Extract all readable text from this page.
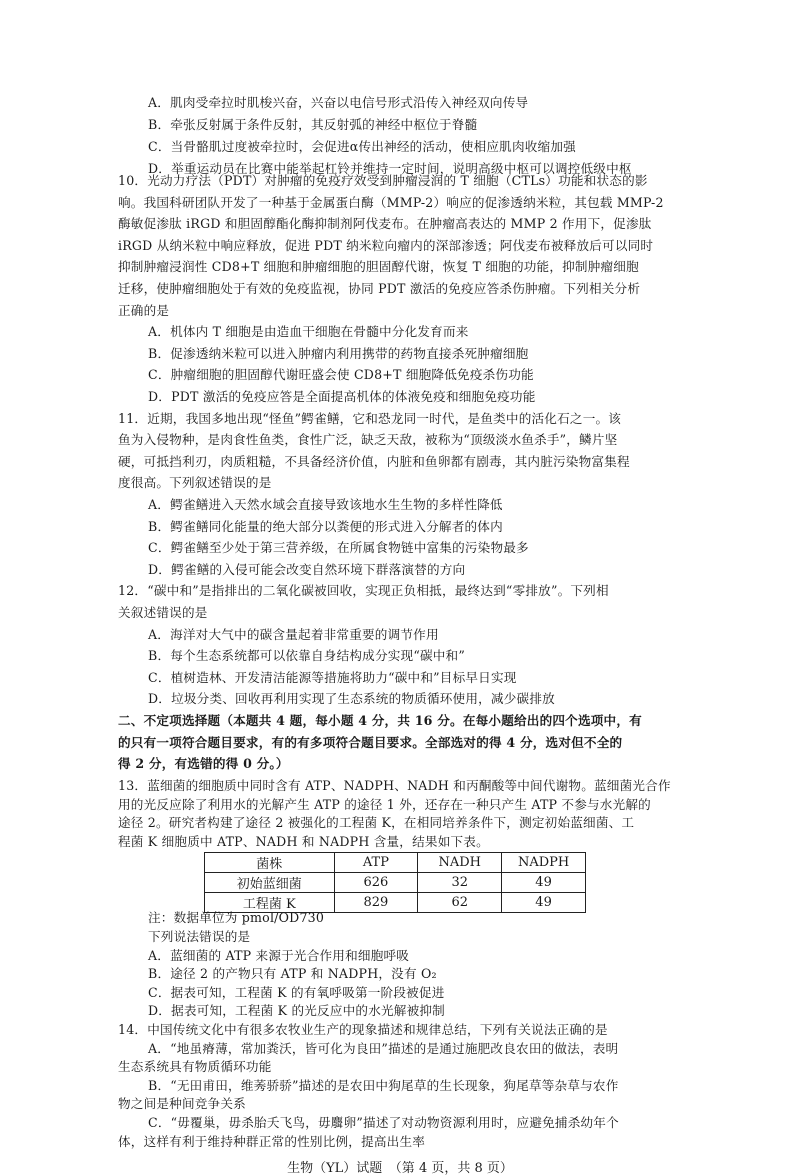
A．肌肉受牵拉时肌梭兴奋，兴奋以电信号形式沿传入神经双向传导
B．牵张反射属于条件反射，其反射弧的神经中枢位于脊髓
C．当骨骼肌过度被牵拉时，会促进α传出神经的活动，使相应肌肉收缩加强
D．举重运动员在比赛中能举起杠铃并维持一定时间，说明高级中枢可以调控低级中枢
10．光动力疗法（PDT）对肿瘤的免疫疗效受到肿瘤浸润的 T 细胞（CTLs）功能和状态的影
响。我国科研团队开发了一种基于金属蛋白酶（MMP-2）响应的促渗透纳米粒，其包载 MMP-2
酶敏促渗肽 iRGD 和胆固醇酯化酶抑制剂阿伐麦布。在肿瘤高表达的 MMP 2 作用下，促渗肽
iRGD 从纳米粒中响应释放，促进 PDT 纳米粒向瘤内的深部渗透；阿伐麦布被释放后可以同时
抑制肿瘤浸润性 CD8+T 细胞和肿瘤细胞的胆固醇代谢，恢复 T 细胞的功能，抑制肿瘤细胞
迁移，使肿瘤细胞处于有效的免疫监视，协同 PDT 激活的免疫应答杀伤肿瘤。下列相关分析
正确的是
A．机体内 T 细胞是由造血干细胞在骨髓中分化发育而来
B．促渗透纳米粒可以进入肿瘤内利用携带的药物直接杀死肿瘤细胞
C．肿瘤细胞的胆固醇代谢旺盛会使 CD8+T 细胞降低免疫杀伤功能
D．PDT 激活的免疫应答是全面提高机体的体液免疫和细胞免疫功能
11．近期，我国多地出现“怪鱼”鳄雀鳝，它和恐龙同一时代，是鱼类中的活化石之一。该
鱼为入侵物种，是肉食性鱼类，食性广泛，缺乏天敌，被称为“顶级淡水鱼杀手”，鳞片坚
硬，可抵挡利刃，肉质粗糙，不具备经济价值，内脏和鱼卵都有剧毒，其内脏污染物富集程
度很高。下列叙述错误的是
A．鳄雀鳝进入天然水域会直接导致该地水生生物的多样性降低
B．鳄雀鳝同化能量的绝大部分以粪便的形式进入分解者的体内
C．鳄雀鳝至少处于第三营养级，在所属食物链中富集的污染物最多
D．鳄雀鳝的入侵可能会改变自然环境下群落演替的方向
12．“碳中和”是指排出的二氧化碳被回收，实现正负相抵，最终达到“零排放”。下列相
关叙述错误的是
A．海洋对大气中的碳含量起着非常重要的调节作用
B．每个生态系统都可以依靠自身结构成分实现“碳中和”
C．植树造林、开发清洁能源等措施将助力“碳中和”目标早日实现
D．垃圾分类、回收再利用实现了生态系统的物质循环使用，减少碳排放
二、不定项选择题（本题共 4 题，每小题 4 分，共 16 分。在每小题给出的四个选项中，有
的只有一项符合题目要求，有的有多项符合题目要求。全部选对的得 4 分，选对但不全的
得 2 分，有选错的得 0 分。）
13．蓝细菌的细胞质中同时含有 ATP、NADPH、NADH 和丙酮酸等中间代谢物。蓝细菌光合作
用的光反应除了利用水的光解产生 ATP 的途径 1 外，还存在一种只产生 ATP 不参与水光解的
途径 2。研究者构建了途径 2 被强化的工程菌 K，在相同培养条件下，测定初始蓝细菌、工
程菌 K 细胞质中 ATP、NADH 和 NADPH 含量，结果如下表。
菌株	ATP	NADH	NADPH
初始蓝细菌	626	32	49
工程菌 K	829	62	49
注：数据单位为 pmol/OD730
下列说法错误的是
A．蓝细菌的 ATP 来源于光合作用和细胞呼吸
B．途径 2 的产物只有 ATP 和 NADPH，没有 O₂
C．据表可知，工程菌 K 的有氧呼吸第一阶段被促进
生物（YL）试题　（第 4 页，共 8 页）
D．据表可知，工程菌 K 的光反应中的水光解被抑制
14．中国传统文化中有很多农牧业生产的现象描述和规律总结，下列有关说法正确的是
A．“地虽瘠薄，常加粪沃，皆可化为良田”描述的是通过施肥改良农田的做法，表明
生态系统具有物质循环功能
B．“无田甫田，维莠骄骄”描述的是农田中狗尾草的生长现象，狗尾草等杂草与农作
物之间是种间竞争关系
C．“毋覆巢，毋杀胎夭飞鸟，毋麛卵”描述了对动物资源利用时，应避免捕杀幼年个
体，这样有利于维持种群正常的性别比例，提高出生率
